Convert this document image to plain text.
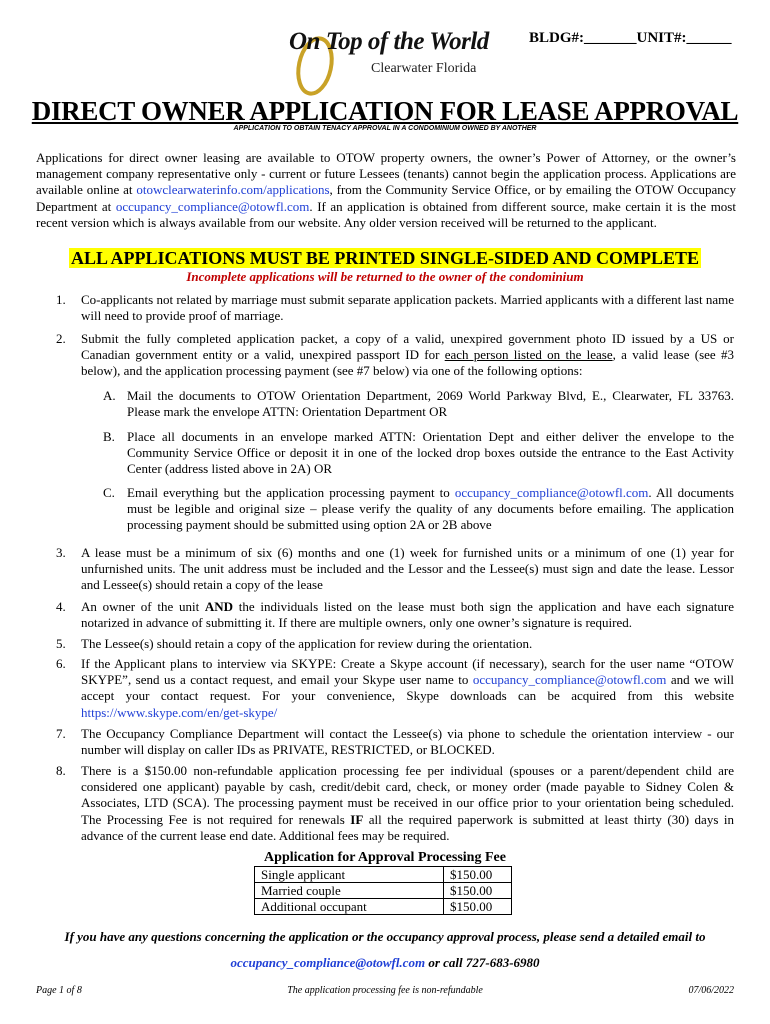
On Top of the World
Clearwater Florida
BLDG#:_______UNIT#:______
DIRECT OWNER APPLICATION FOR LEASE APPROVAL
APPLICATION TO OBTAIN TENACY APPROVAL IN A CONDOMINIUM OWNED BY ANOTHER

Applications for direct owner leasing are available to OTOW property owners, the owner’s Power of Attorney, or the owner’s management company representative only - current or future Lessees (tenants) cannot begin the application process. Applications are available online at otowclearwaterinfo.com/applications, from the Community Service Office, or by emailing the OTOW Occupancy Department at occupancy_compliance@otowfl.com. If an application is obtained from different source, make certain it is the most recent version which is always available from our website. Any older version received will be returned to the applicant.

ALL APPLICATIONS MUST BE PRINTED SINGLE-SIDED AND COMPLETE
Incomplete applications will be returned to the owner of the condominium
1. Co-applicants not related by marriage must submit separate application packets. Married applicants with a different last name will need to provide proof of marriage.

2. Submit the fully completed application packet, a copy of a valid, unexpired government photo ID issued by a US or Canadian government entity or a valid, unexpired passport ID for each person listed on the lease, a valid lease (see #3 below), and the application processing payment (see #7 below) via one of the following options:

A. Mail the documents to OTOW Orientation Department, 2069 World Parkway Blvd, E., Clearwater, FL 33763. Please mark the envelope ATTN: Orientation Department OR

B. Place all documents in an envelope marked ATTN: Orientation Dept and either deliver the envelope to the Community Service Office or deposit it in one of the locked drop boxes outside the entrance to the East Activity Center (address listed above in 2A) OR

C. Email everything but the application processing payment to occupancy_compliance@otowfl.com. All documents must be legible and original size – please verify the quality of any documents before emailing. The application processing payment should be submitted using option 2A or 2B above

3. A lease must be a minimum of six (6) months and one (1) week for furnished units or a minimum of one (1) year for unfurnished units. The unit address must be included and the Lessor and the Lessee(s) must sign and date the lease. Lessor and Lessee(s) should retain a copy of the lease

4. An owner of the unit AND the individuals listed on the lease must both sign the application and have each signature notarized in advance of submitting it. If there are multiple owners, only one owner’s signature is required.

5. The Lessee(s) should retain a copy of the application for review during the orientation.

6. If the Applicant plans to interview via SKYPE: Create a Skype account (if necessary), search for the user name “OTOW SKYPE”, send us a contact request, and email your Skype user name to occupancy_compliance@otowfl.com and we will accept your contact request. For your convenience, Skype downloads can be acquired from this website https://www.skype.com/en/get-skype/

7. The Occupancy Compliance Department will contact the Lessee(s) via phone to schedule the orientation interview - our number will display on caller IDs as PRIVATE, RESTRICTED, or BLOCKED.

8. There is a $150.00 non-refundable application processing fee per individual (spouses or a parent/dependent child are considered one applicant) payable by cash, credit/debit card, check, or money order (made payable to Sidney Colen & Associates, LTD (SCA). The processing payment must be received in our office prior to your orientation being scheduled. The Processing Fee is not required for renewals IF all the required paperwork is submitted at least thirty (30) days in advance of the current lease end date. Additional fees may be required.

Application for Approval Processing Fee
Single applicant	$150.00
Married couple	$150.00
Additional occupant	$150.00
If you have any questions concerning the application or the occupancy approval process, please send a detailed email to
occupancy_compliance@otowfl.com or call 727-683-6980
Page 1 of 8	The application processing fee is non-refundable	07/06/2022
